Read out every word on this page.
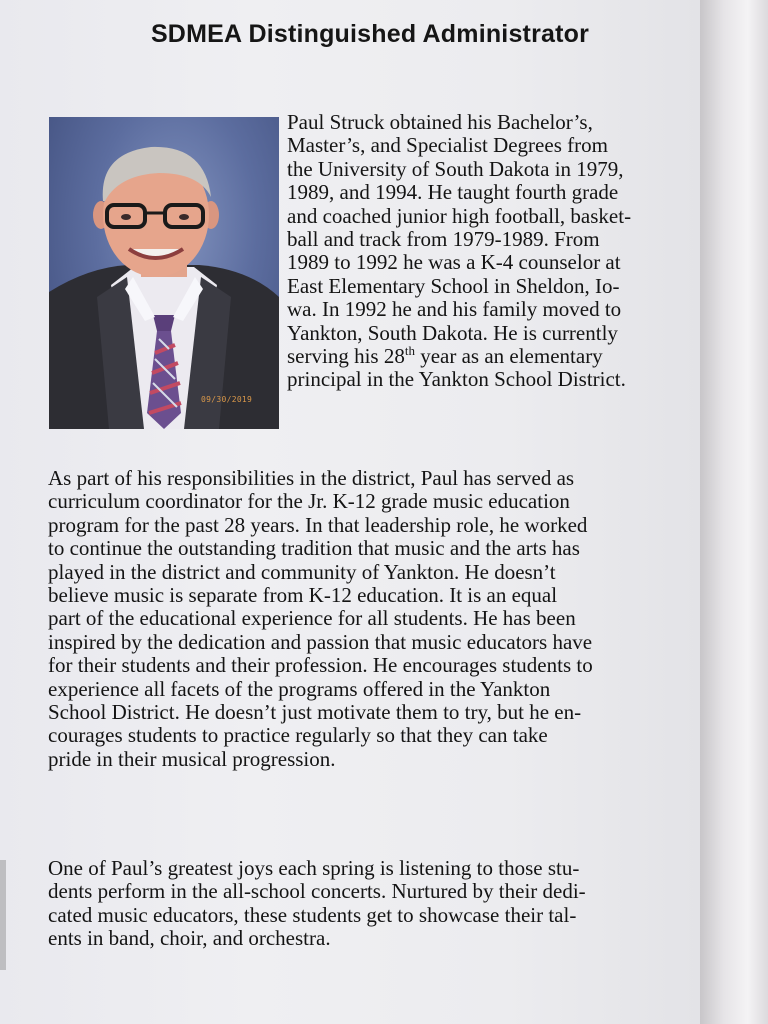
SDMEA Distinguished Administrator
09/30/2019
Paul Struck obtained his Bachelor’s,
Master’s, and Specialist Degrees from
the University of South Dakota in 1979,
1989, and 1994. He taught fourth grade
and coached junior high football, basket-
ball and track from 1979-1989. From
1989 to 1992 he was a K-4 counselor at
East Elementary School in Sheldon, Io-
wa. In 1992 he and his family moved to
Yankton, South Dakota. He is currently
serving his 28th year as an elementary
principal in the Yankton School District.
As part of his responsibilities in the district, Paul has served as
curriculum coordinator for the Jr. K-12 grade music education
program for the past 28 years. In that leadership role, he worked
to continue the outstanding tradition that music and the arts has
played in the district and community of Yankton. He doesn’t
believe music is separate from K-12 education. It is an equal
part of the educational experience for all students. He has been
inspired by the dedication and passion that music educators have
for their students and their profession. He encourages students to
experience all facets of the programs offered in the Yankton
School District. He doesn’t just motivate them to try, but he en-
courages students to practice regularly so that they can take
pride in their musical progression.
One of Paul’s greatest joys each spring is listening to those stu-
dents perform in the all-school concerts. Nurtured by their dedi-
cated music educators, these students get to showcase their tal-
ents in band, choir, and orchestra.
